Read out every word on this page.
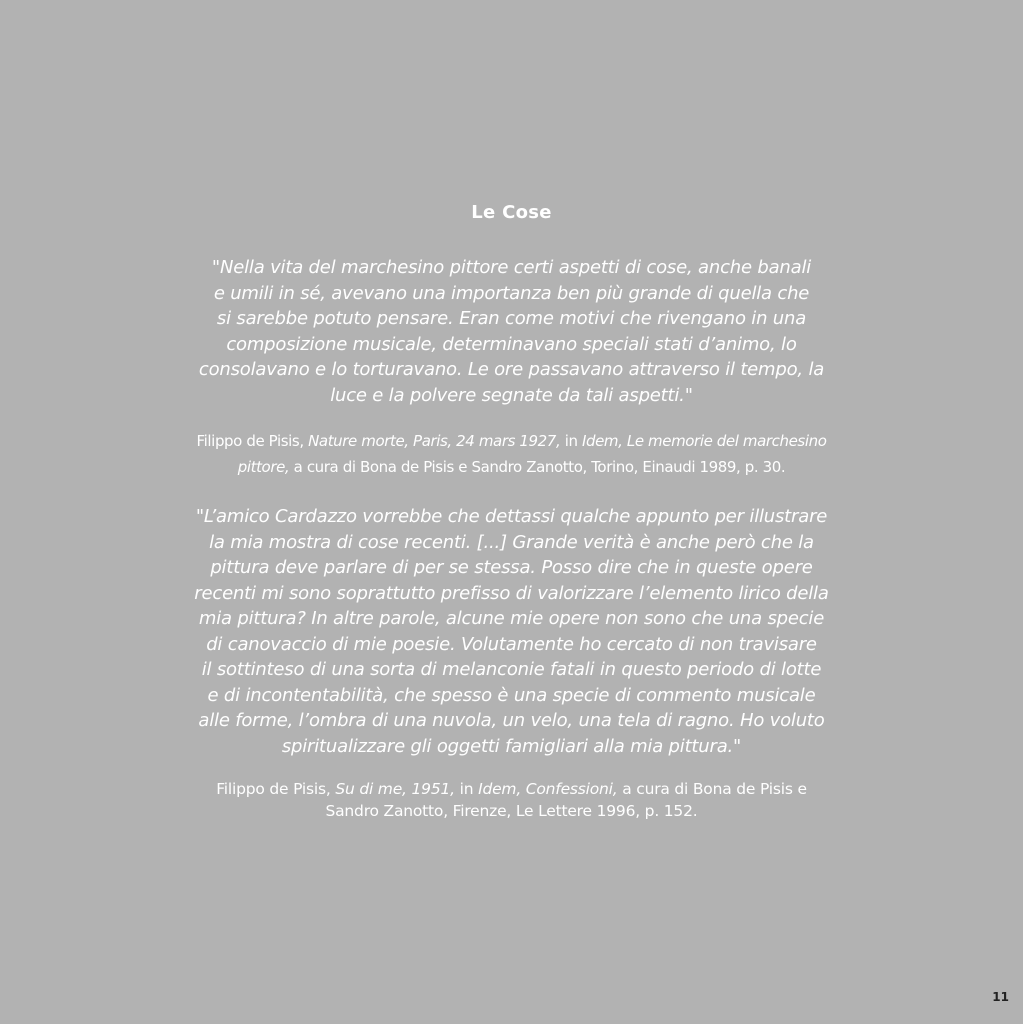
Le Cose
"Nella vita del marchesino pittore certi aspetti di cose, anche banali
e umili in sé, avevano una importanza ben più grande di quella che
si sarebbe potuto pensare. Eran come motivi che rivengano in una
composizione musicale, determinavano speciali stati d’animo, lo
consolavano e lo torturavano. Le ore passavano attraverso il tempo, la
luce e la polvere segnate da tali aspetti."
Filippo de Pisis, Nature morte, Paris, 24 mars 1927, in Idem, Le memorie del marchesino
pittore, a cura di Bona de Pisis e Sandro Zanotto, Torino, Einaudi 1989, p. 30.
"L’amico Cardazzo vorrebbe che dettassi qualche appunto per illustrare
la mia mostra di cose recenti. [...] Grande verità è anche però che la
pittura deve parlare di per se stessa. Posso dire che in queste opere
recenti mi sono soprattutto prefisso di valorizzare l’elemento lirico della
mia pittura? In altre parole, alcune mie opere non sono che una specie
di canovaccio di mie poesie. Volutamente ho cercato di non travisare
il sottinteso di una sorta di melanconie fatali in questo periodo di lotte
e di incontentabilità, che spesso è una specie di commento musicale
alle forme, l’ombra di una nuvola, un velo, una tela di ragno. Ho voluto
spiritualizzare gli oggetti famigliari alla mia pittura."
Filippo de Pisis, Su di me, 1951, in Idem, Confessioni, a cura di Bona de Pisis e
Sandro Zanotto, Firenze, Le Lettere 1996, p. 152.
11
